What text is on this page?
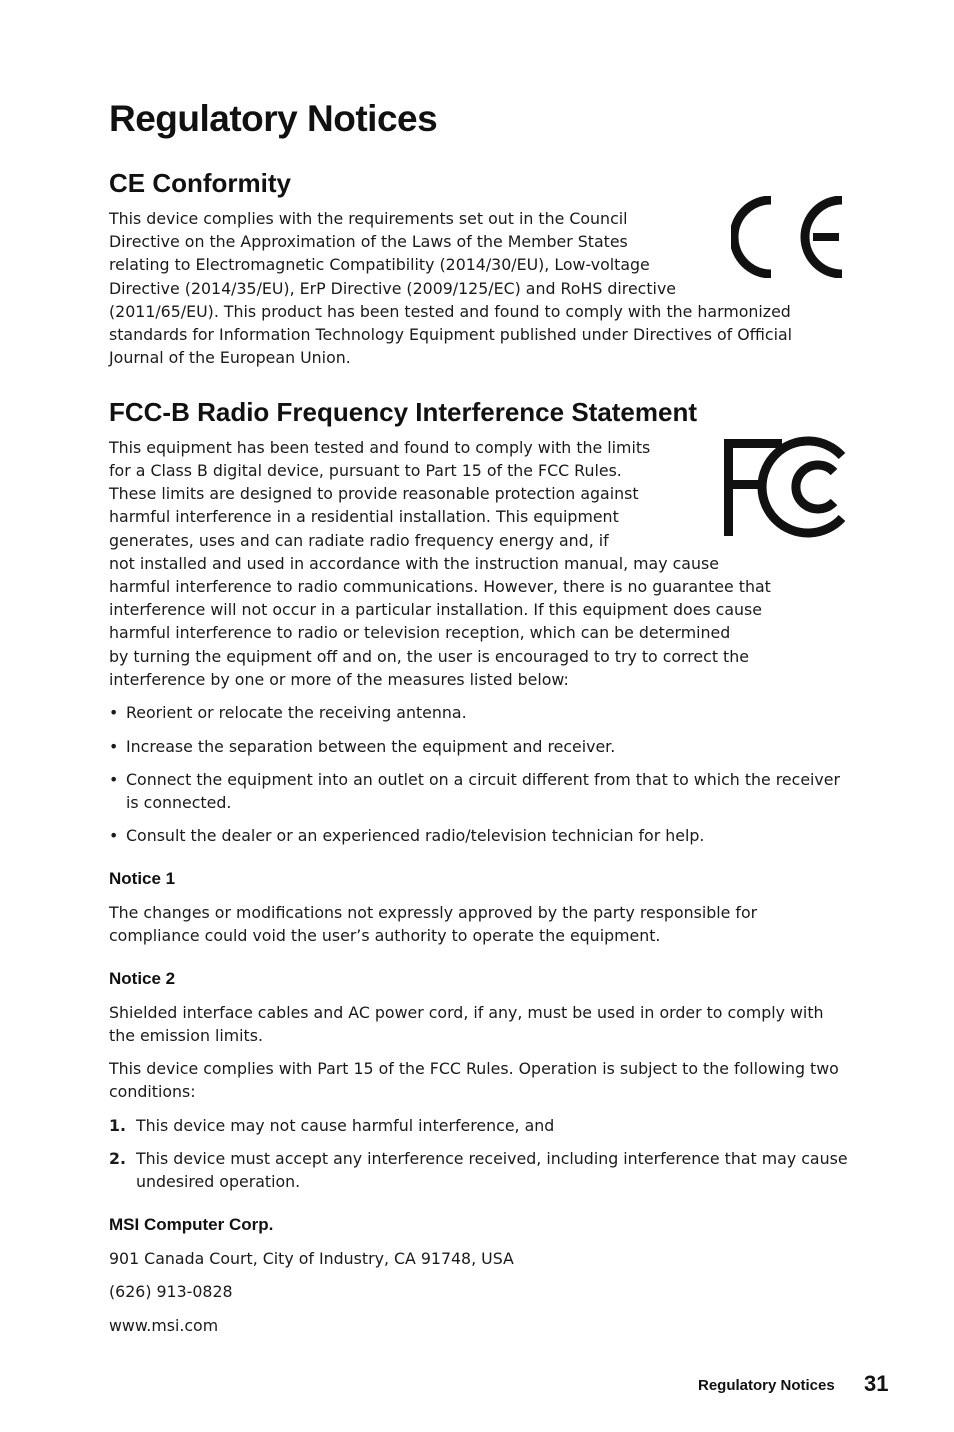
Regulatory Notices
CE Conformity
This device complies with the requirements set out in the Council
Directive on the Approximation of the Laws of the Member States
relating to Electromagnetic Compatibility (2014/30/EU), Low-voltage
Directive (2014/35/EU), ErP Directive (2009/125/EC) and RoHS directive
(2011/65/EU). This product has been tested and found to comply with the harmonized
standards for Information Technology Equipment published under Directives of Official
Journal of the European Union.
FCC-B Radio Frequency Interference Statement
This equipment has been tested and found to comply with the limits
for a Class B digital device, pursuant to Part 15 of the FCC Rules.
These limits are designed to provide reasonable protection against
harmful interference in a residential installation. This equipment
generates, uses and can radiate radio frequency energy and, if
not installed and used in accordance with the instruction manual, may cause
harmful interference to radio communications. However, there is no guarantee that
interference will not occur in a particular installation. If this equipment does cause
harmful interference to radio or television reception, which can be determined
by turning the equipment off and on, the user is encouraged to try to correct the
interference by one or more of the measures listed below:
• Reorient or relocate the receiving antenna.
• Increase the separation between the equipment and receiver.
• Connect the equipment into an outlet on a circuit different from that to which the receiver is connected.
• Consult the dealer or an experienced radio/television technician for help.
Notice 1

The changes or modifications not expressly approved by the party responsible for compliance could void the user’s authority to operate the equipment.

Notice 2

Shielded interface cables and AC power cord, if any, must be used in order to comply with the emission limits.

This device complies with Part 15 of the FCC Rules. Operation is subject to the following two conditions:

1. This device may not cause harmful interference, and
2. This device must accept any interference received, including interference that may cause undesired operation.
MSI Computer Corp.
901 Canada Court, City of Industry, CA 91748, USA
(626) 913-0828
www.msi.com
Regulatory Notices 31
